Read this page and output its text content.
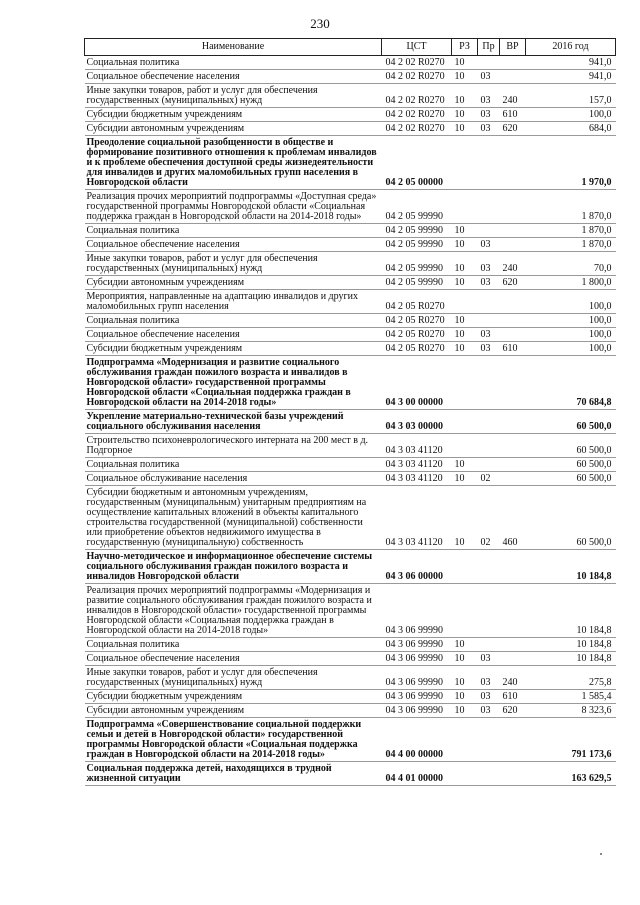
230
Наименование	ЦСТ	РЗ	Пр	ВР	2016 год
Социальная политика	04 2 02 R0270	10			941,0
Социальное обеспечение населения	04 2 02 R0270	10	03		941,0
Иные закупки товаров, работ и услуг для обеспечения государственных (муниципальных) нужд	04 2 02 R0270	10	03	240	157,0
Субсидии бюджетным учреждениям	04 2 02 R0270	10	03	610	100,0
Субсидии автономным учреждениям	04 2 02 R0270	10	03	620	684,0
Преодоление социальной разобщенности в обществе и формирование позитивного отношения к проблемам инвалидов и к проблеме обеспечения доступной среды жизнедеятельности для инвалидов и других маломобильных групп населения в Новгородской области	04 2 05 00000				1 970,0
Реализация прочих мероприятий подпрограммы «Доступная среда» государственной программы Новгородской области «Социальная поддержка граждан в Новгородской области на 2014-2018 годы»	04 2 05 99990				1 870,0
Социальная политика	04 2 05 99990	10			1 870,0
Социальное обеспечение населения	04 2 05 99990	10	03		1 870,0
Иные закупки товаров, работ и услуг для обеспечения государственных (муниципальных) нужд	04 2 05 99990	10	03	240	70,0
Субсидии автономным учреждениям	04 2 05 99990	10	03	620	1 800,0
Мероприятия, направленные на адаптацию инвалидов и других маломобильных групп населения	04 2 05 R0270				100,0
Социальная политика	04 2 05 R0270	10			100,0
Социальное обеспечение населения	04 2 05 R0270	10	03		100,0
Субсидии бюджетным учреждениям	04 2 05 R0270	10	03	610	100,0
Подпрограмма «Модернизация и развитие социального обслуживания граждан пожилого возраста и инвалидов в Новгородской области» государственной программы Новгородской области «Социальная поддержка граждан в Новгородской области на 2014-2018 годы»	04 3 00 00000				70 684,8
Укрепление материально-технической базы учреждений социального обслуживания населения	04 3 03 00000				60 500,0
Строительство психоневрологического интерната на 200 мест в д. Подгорное	04 3 03 41120				60 500,0
Социальная политика	04 3 03 41120	10			60 500,0
Социальное обслуживание населения	04 3 03 41120	10	02		60 500,0
Субсидии бюджетным и автономным учреждениям, государственным (муниципальным) унитарным предприятиям на осуществление капитальных вложений в объекты капитального строительства государственной (муниципальной) собственности или приобретение объектов недвижимого имущества в государственную (муниципальную) собственность	04 3 03 41120	10	02	460	60 500,0
Научно-методическое и информационное обеспечение системы социального обслуживания граждан пожилого возраста и инвалидов Новгородской области	04 3 06 00000				10 184,8
Реализация прочих мероприятий подпрограммы «Модернизация и развитие социального обслуживания граждан пожилого возраста и инвалидов в Новгородской области» государственной программы Новгородской области «Социальная поддержка граждан в Новгородской области на 2014-2018 годы»	04 3 06 99990				10 184,8
Социальная политика	04 3 06 99990	10			10 184,8
Социальное обеспечение населения	04 3 06 99990	10	03		10 184,8
Иные закупки товаров, работ и услуг для обеспечения государственных (муниципальных) нужд	04 3 06 99990	10	03	240	275,8
Субсидии бюджетным учреждениям	04 3 06 99990	10	03	610	1 585,4
Субсидии автономным учреждениям	04 3 06 99990	10	03	620	8 323,6
Подпрограмма «Совершенствование социальной поддержки семьи и детей в Новгородской области» государственной программы Новгородской области «Социальная поддержка граждан в Новгородской области на 2014-2018 годы»	04 4 00 00000				791 173,6
Социальная поддержка детей, находящихся в трудной жизненной ситуации	04 4 01 00000				163 629,5
